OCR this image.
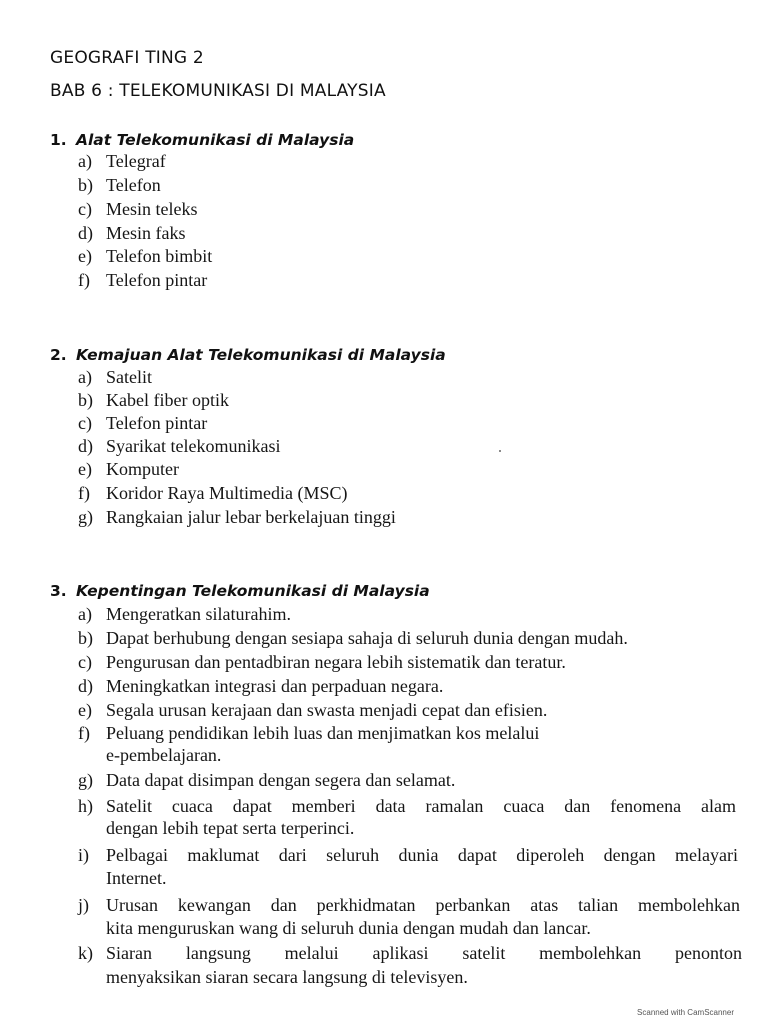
GEOGRAFI TING 2
BAB 6 : TELEKOMUNIKASI DI MALAYSIA
1. Alat Telekomunikasi di Malaysia
a) Telegraf
b) Telefon
c) Mesin teleks
d) Mesin faks
e) Telefon bimbit
f) Telefon pintar
2. Kemajuan Alat Telekomunikasi di Malaysia
a) Satelit
b) Kabel fiber optik
c) Telefon pintar
d) Syarikat telekomunikasi
e) Komputer
f) Koridor Raya Multimedia (MSC)
g) Rangkaian jalur lebar berkelajuan tinggi
3. Kepentingan Telekomunikasi di Malaysia
a) Mengeratkan silaturahim.
b) Dapat berhubung dengan sesiapa sahaja di seluruh dunia dengan mudah.
c) Pengurusan dan pentadbiran negara lebih sistematik dan teratur.
d) Meningkatkan integrasi dan perpaduan negara.
e) Segala urusan kerajaan dan swasta menjadi cepat dan efisien.
f) Peluang pendidikan lebih luas dan menjimatkan kos melalui
e-pembelajaran.
g) Data dapat disimpan dengan segera dan selamat.
h) Satelit cuaca dapat memberi data ramalan cuaca dan fenomena alam
dengan lebih tepat serta terperinci.
i) Pelbagai maklumat dari seluruh dunia dapat diperoleh dengan melayari
Internet.
j) Urusan kewangan dan perkhidmatan perbankan atas talian membolehkan
kita menguruskan wang di seluruh dunia dengan mudah dan lancar.
k) Siaran langsung melalui aplikasi satelit membolehkan penonton
menyaksikan siaran secara langsung di televisyen.
Scanned with CamScanner
